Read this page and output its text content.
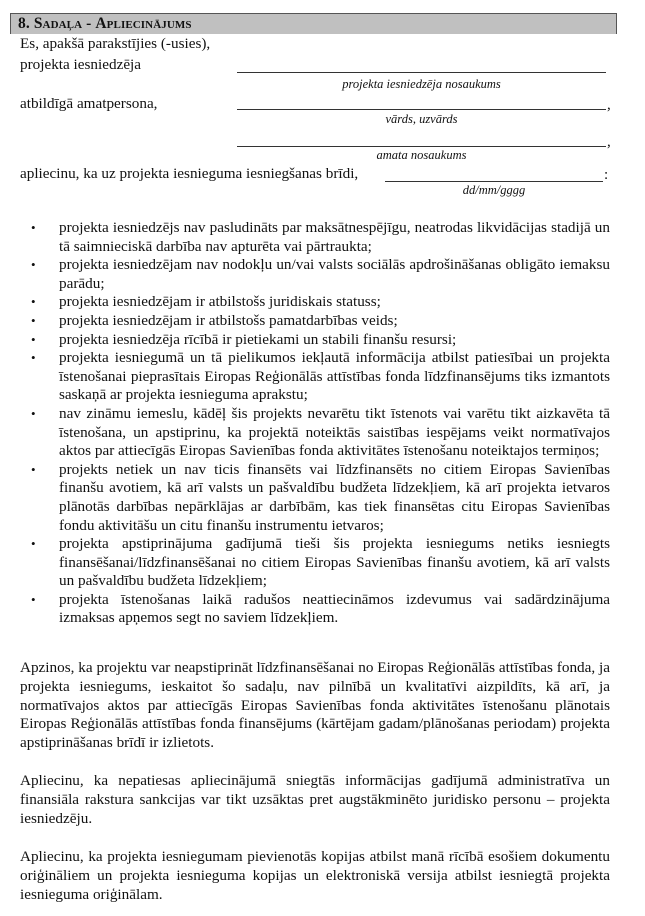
8. Sadaļa - Apliecinājums
Es, apakšā parakstījies (-usies),
projekta iesniedzēja
projekta iesniedzēja nosaukums
atbildīgā amatpersona,	,
vārds, uzvārds
,
amata nosaukums
apliecinu, ka uz projekta iesnieguma iesniegšanas brīdi,	:
dd/mm/gggg
• projekta iesniedzējs nav pasludināts par maksātnespējīgu, neatrodas likvidācijas stadijā un tā saimnieciskā darbība nav apturēta vai pārtraukta;
• projekta iesniedzējam nav nodokļu un/vai valsts sociālās apdrošināšanas obligāto iemaksu parādu;
• projekta iesniedzējam ir atbilstošs juridiskais statuss;
• projekta iesniedzējam ir atbilstošs pamatdarbības veids;
• projekta iesniedzēja rīcībā ir pietiekami un stabili finanšu resursi;
• projekta iesniegumā un tā pielikumos iekļautā informācija atbilst patiesībai un projekta īstenošanai pieprasītais Eiropas Reģionālās attīstības fonda līdzfinansējums tiks izmantots saskaņā ar projekta iesnieguma aprakstu;
• nav zināmu iemeslu, kādēļ šis projekts nevarētu tikt īstenots vai varētu tikt aizkavēta tā īstenošana, un apstiprinu, ka projektā noteiktās saistības iespējams veikt normatīvajos aktos par attiecīgās Eiropas Savienības fonda aktivitātes īstenošanu noteiktajos termiņos;
• projekts netiek un nav ticis finansēts vai līdzfinansēts no citiem Eiropas Savienības finanšu avotiem, kā arī valsts un pašvaldību budžeta līdzekļiem, kā arī projekta ietvaros plānotās darbības nepārklājas ar darbībām, kas tiek finansētas citu Eiropas Savienības fondu aktivitāšu un citu finanšu instrumentu ietvaros;
• projekta apstiprinājuma gadījumā tieši šis projekta iesniegums netiks iesniegts finansēšanai/līdzfinansēšanai no citiem Eiropas Savienības finanšu avotiem, kā arī valsts un pašvaldību budžeta līdzekļiem;
• projekta īstenošanas laikā radušos neattiecināmos izdevumus vai sadārdzinājuma izmaksas apņemos segt no saviem līdzekļiem.

Apzinos, ka projektu var neapstiprināt līdzfinansēšanai no Eiropas Reģionālās attīstības fonda, ja projekta iesniegums, ieskaitot šo sadaļu, nav pilnībā un kvalitatīvi aizpildīts, kā arī, ja normatīvajos aktos par attiecīgās Eiropas Savienības fonda aktivitātes īstenošanu plānotais Eiropas Reģionālās attīstības fonda finansējums (kārtējam gadam/plānošanas periodam) projekta apstiprināšanas brīdī ir izlietots.

Apliecinu, ka nepatiesas apliecinājumā sniegtās informācijas gadījumā administratīva un finansiāla rakstura sankcijas var tikt uzsāktas pret augstākminēto juridisko personu – projekta iesniedzēju.

Apliecinu, ka projekta iesniegumam pievienotās kopijas atbilst manā rīcībā esošiem dokumentu oriģināliem un projekta iesnieguma kopijas un elektroniskā versija atbilst iesniegtā projekta iesnieguma oriģinālam.
